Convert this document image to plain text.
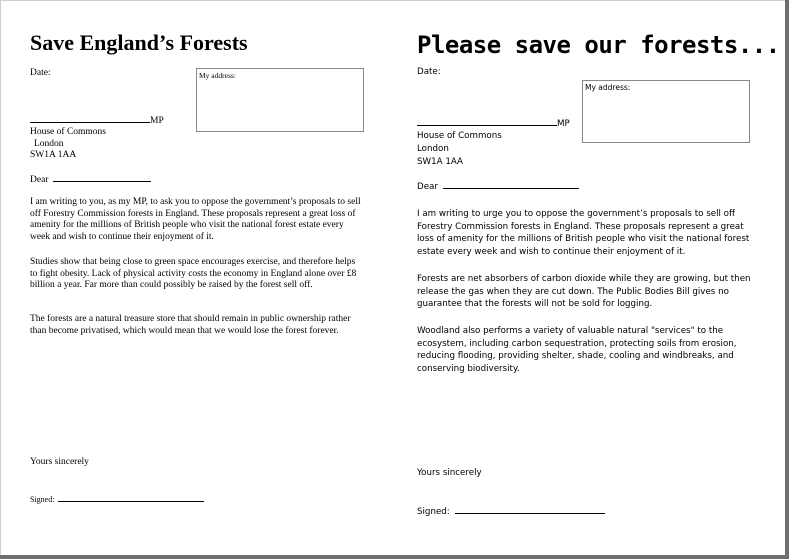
Save England’s Forests
Date:	My address:
MP
House of Commons
London
SW1A 1AA
Dear
I am writing to you, as my MP, to ask you to oppose the government’s proposals to sell off Forestry Commission forests in England. These proposals represent a great loss of amenity for the millions of British people who visit the national forest estate every week and wish to continue their enjoyment of it.
Studies show that being close to green space encourages exercise, and therefore helps to fight obesity. Lack of physical activity costs the economy in England alone over £8 billion a year. Far more than could possibly be raised by the forest sell off.
The forests are a natural treasure store that should remain in public ownership rather than become privatised, which would mean that we would lose the forest forever.
Yours sincerely
Signed:
Please save our forests...
Date:
My address:
MP
House of Commons
London
SW1A 1AA
Dear
I am writing to urge you to oppose the government’s proposals to sell off Forestry Commission forests in England. These proposals represent a great loss of amenity for the millions of British people who visit the national forest estate every week and wish to continue their enjoyment of it.
Forests are net absorbers of carbon dioxide while they are growing, but then release the gas when they are cut down. The Public Bodies Bill gives no guarantee that the forests will not be sold for logging.
Woodland also performs a variety of valuable natural "services" to the ecosystem, including carbon sequestration, protecting soils from erosion, reducing flooding, providing shelter, shade, cooling and windbreaks, and conserving biodiversity.
Yours sincerely
Signed:
